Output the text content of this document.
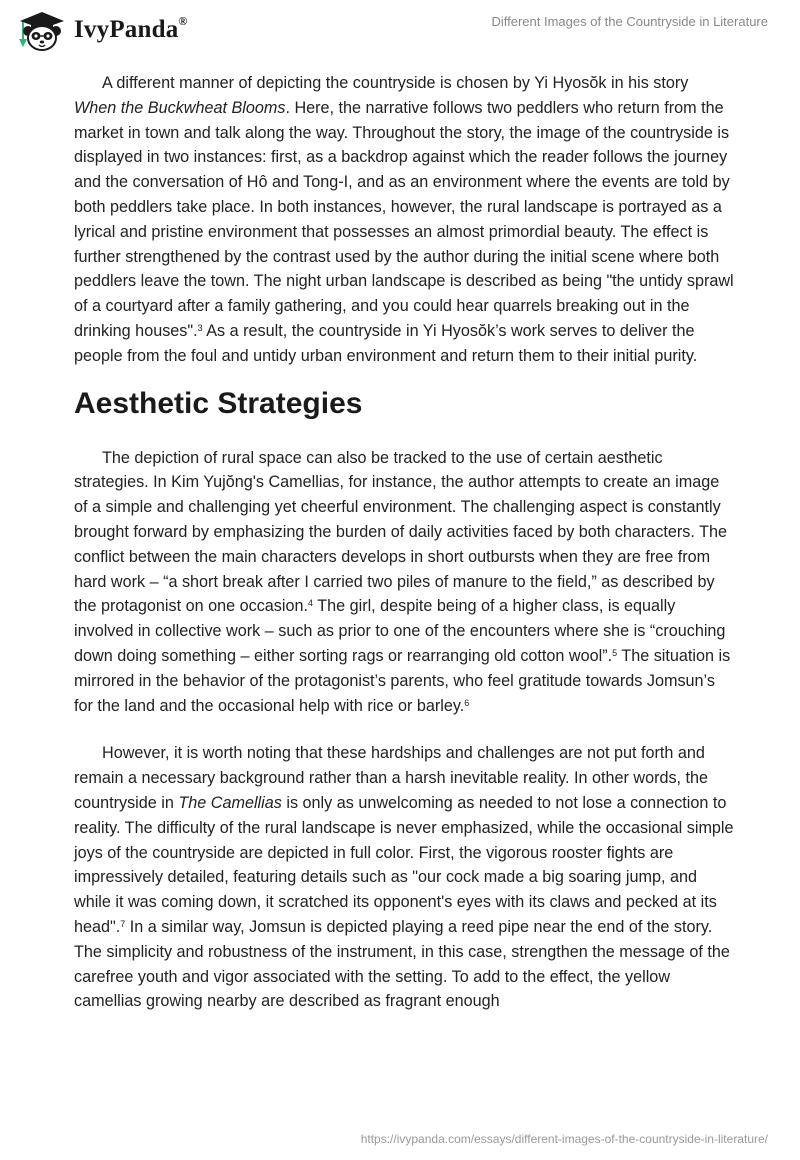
IvyPanda®	Different Images of the Countryside in Literature

A different manner of depicting the countryside is chosen by Yi Hyosŏk in his story When the Buckwheat Blooms. Here, the narrative follows two peddlers who return from the market in town and talk along the way. Throughout the story, the image of the countryside is displayed in two instances: first, as a backdrop against which the reader follows the journey and the conversation of Hô and Tong-I, and as an environment where the events are told by both peddlers take place. In both instances, however, the rural landscape is portrayed as a lyrical and pristine environment that possesses an almost primordial beauty. The effect is further strengthened by the contrast used by the author during the initial scene where both peddlers leave the town. The night urban landscape is described as being "the untidy sprawl of a courtyard after a family gathering, and you could hear quarrels breaking out in the drinking houses".$^3$ As a result, the countryside in Yi Hyosŏk’s work serves to deliver the people from the foul and untidy urban environment and return them to their initial purity.

Aesthetic Strategies

The depiction of rural space can also be tracked to the use of certain aesthetic strategies. In Kim Yujŏng's Camellias, for instance, the author attempts to create an image of a simple and challenging yet cheerful environment. The challenging aspect is constantly brought forward by emphasizing the burden of daily activities faced by both characters. The conflict between the main characters develops in short outbursts when they are free from hard work – “a short break after I carried two piles of manure to the field,” as described by the protagonist on one occasion.$^4$ The girl, despite being of a higher class, is equally involved in collective work – such as prior to one of the encounters where she is “crouching down doing something – either sorting rags or rearranging old cotton wool”.$^5$ The situation is mirrored in the behavior of the protagonist’s parents, who feel gratitude towards Jomsun’s for the land and the occasional help with rice or barley.$^6$

However, it is worth noting that these hardships and challenges are not put forth and remain a necessary background rather than a harsh inevitable reality. In other words, the countryside in The Camellias is only as unwelcoming as needed to not lose a connection to reality. The difficulty of the rural landscape is never emphasized, while the occasional simple joys of the countryside are depicted in full color. First, the vigorous rooster fights are impressively detailed, featuring details such as "our cock made a big soaring jump, and while it was coming down, it scratched its opponent's eyes with its claws and pecked at its head".$^7$ In a similar way, Jomsun is depicted playing a reed pipe near the end of the story. The simplicity and robustness of the instrument, in this case, strengthen the message of the carefree youth and vigor associated with the setting. To add to the effect, the yellow camellias growing nearby are described as fragrant enough

https://ivypanda.com/essays/different-images-of-the-countryside-in-literature/
